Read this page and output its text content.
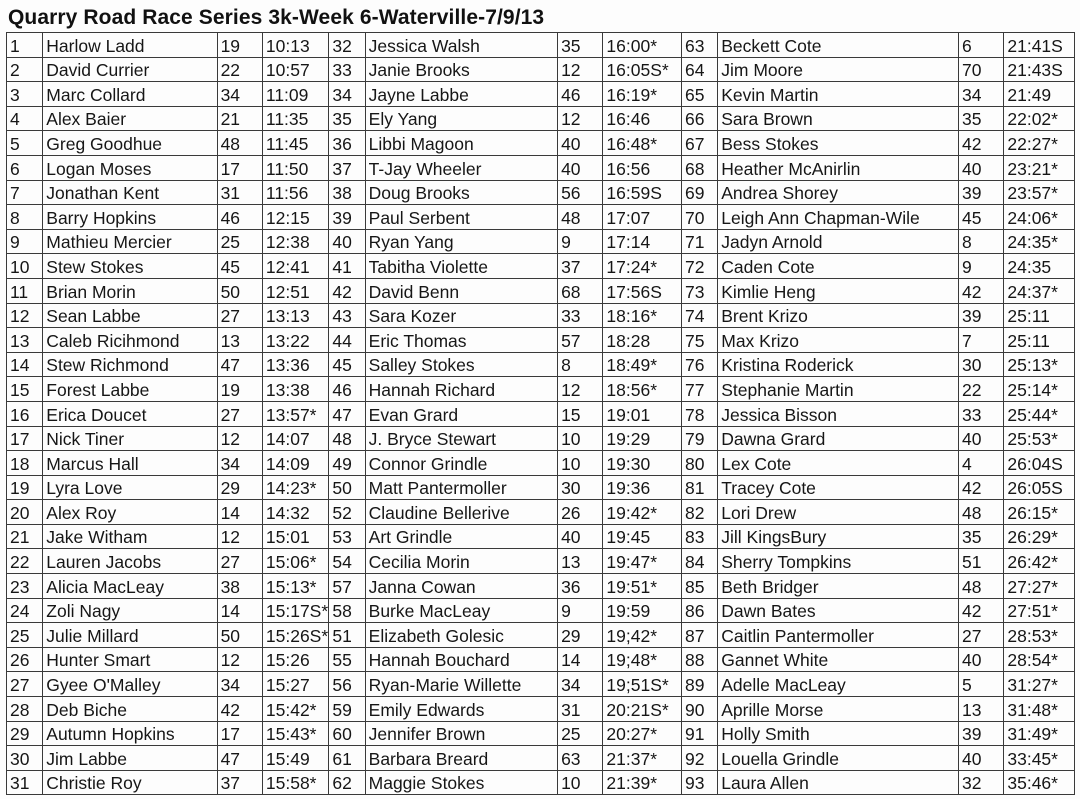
Quarry Road Race Series 3k-Week 6-Waterville-7/9/13
1	Harlow Ladd	19	10:13	32	Jessica Walsh	35	16:00*	63	Beckett Cote	6	21:41S
2	David Currier	22	10:57	33	Janie Brooks	12	16:05S*	64	Jim Moore	70	21:43S
3	Marc Collard	34	11:09	34	Jayne Labbe	46	16:19*	65	Kevin Martin	34	21:49
4	Alex Baier	21	11:35	35	Ely Yang	12	16:46	66	Sara Brown	35	22:02*
5	Greg Goodhue	48	11:45	36	Libbi Magoon	40	16:48*	67	Bess Stokes	42	22:27*
6	Logan Moses	17	11:50	37	T-Jay Wheeler	40	16:56	68	Heather McAnirlin	40	23:21*
7	Jonathan Kent	31	11:56	38	Doug Brooks	56	16:59S	69	Andrea Shorey	39	23:57*
8	Barry Hopkins	46	12:15	39	Paul Serbent	48	17:07	70	Leigh Ann Chapman-Wile	45	24:06*
9	Mathieu Mercier	25	12:38	40	Ryan Yang	9	17:14	71	Jadyn Arnold	8	24:35*
10	Stew Stokes	45	12:41	41	Tabitha Violette	37	17:24*	72	Caden Cote	9	24:35
11	Brian Morin	50	12:51	42	David Benn	68	17:56S	73	Kimlie Heng	42	24:37*
12	Sean Labbe	27	13:13	43	Sara Kozer	33	18:16*	74	Brent Krizo	39	25:11
13	Caleb Ricihmond	13	13:22	44	Eric Thomas	57	18:28	75	Max Krizo	7	25:11
14	Stew Richmond	47	13:36	45	Salley Stokes	8	18:49*	76	Kristina Roderick	30	25:13*
15	Forest Labbe	19	13:38	46	Hannah Richard	12	18:56*	77	Stephanie Martin	22	25:14*
16	Erica Doucet	27	13:57*	47	Evan Grard	15	19:01	78	Jessica Bisson	33	25:44*
17	Nick Tiner	12	14:07	48	J. Bryce Stewart	10	19:29	79	Dawna Grard	40	25:53*
18	Marcus Hall	34	14:09	49	Connor Grindle	10	19:30	80	Lex Cote	4	26:04S
19	Lyra Love	29	14:23*	50	Matt Pantermoller	30	19:36	81	Tracey Cote	42	26:05S
20	Alex Roy	14	14:32	52	Claudine Bellerive	26	19:42*	82	Lori Drew	48	26:15*
21	Jake Witham	12	15:01	53	Art Grindle	40	19:45	83	Jill KingsBury	35	26:29*
22	Lauren Jacobs	27	15:06*	54	Cecilia Morin	13	19:47*	84	Sherry Tompkins	51	26:42*
23	Alicia MacLeay	38	15:13*	57	Janna Cowan	36	19:51*	85	Beth Bridger	48	27:27*
24	Zoli Nagy	14	15:17S*	58	Burke MacLeay	9	19:59	86	Dawn Bates	42	27:51*
25	Julie Millard	50	15:26S*	51	Elizabeth Golesic	29	19;42*	87	Caitlin Pantermoller	27	28:53*
26	Hunter Smart	12	15:26	55	Hannah Bouchard	14	19;48*	88	Gannet White	40	28:54*
27	Gyee O'Malley	34	15:27	56	Ryan-Marie Willette	34	19;51S*	89	Adelle MacLeay	5	31:27*
28	Deb Biche	42	15:42*	59	Emily Edwards	31	20:21S*	90	Aprille Morse	13	31:48*
29	Autumn Hopkins	17	15:43*	60	Jennifer Brown	25	20:27*	91	Holly Smith	39	31:49*
30	Jim Labbe	47	15:49	61	Barbara Breard	63	21:37*	92	Louella Grindle	40	33:45*
31	Christie Roy	37	15:58*	62	Maggie Stokes	10	21:39*	93	Laura Allen	32	35:46*
